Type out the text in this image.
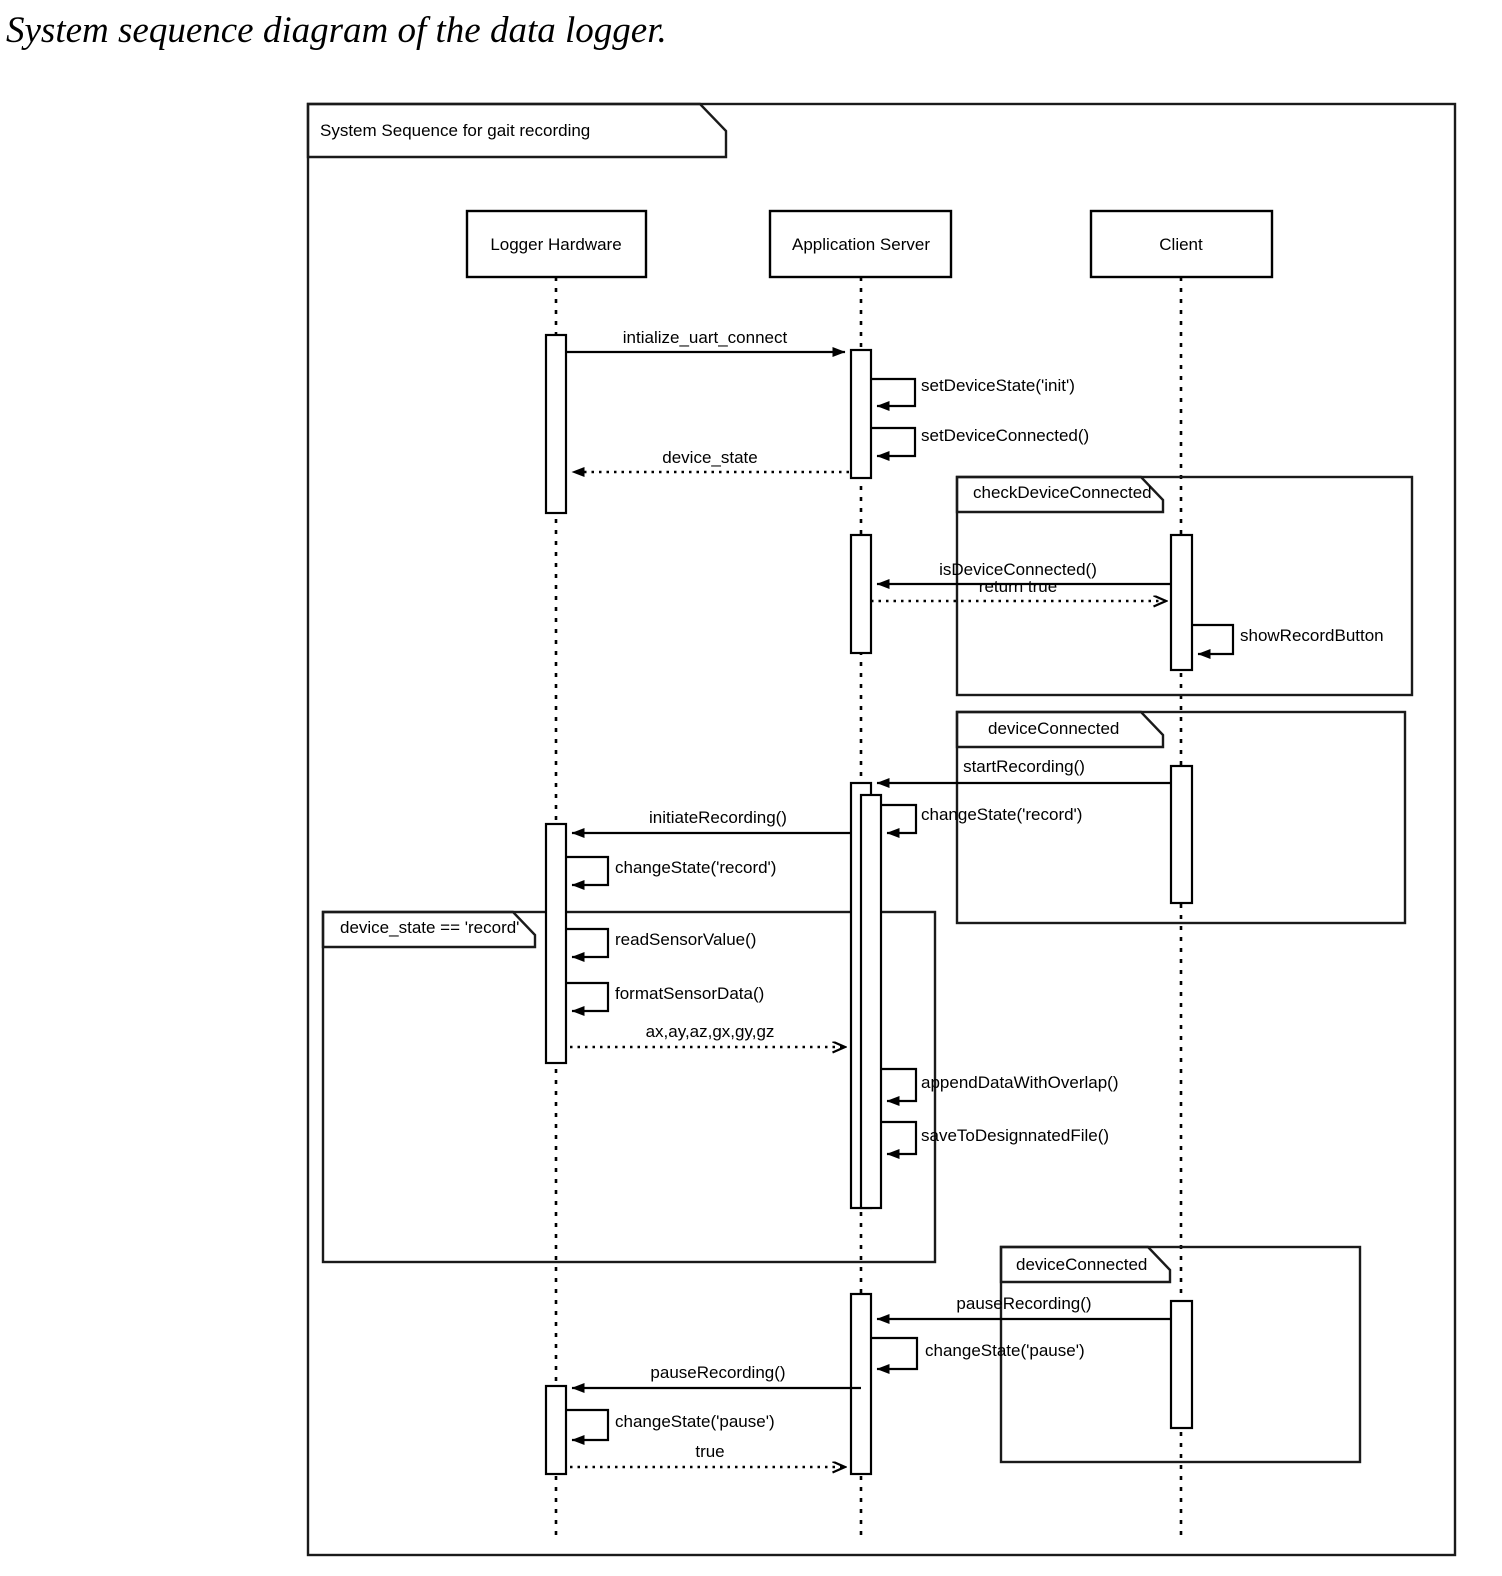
System sequence diagram of the data logger.
System Sequence for gait recording
Logger Hardware	Application Server	Client
checkDeviceConnected
deviceConnected
device_state == 'record'
deviceConnected
intialize_uart_connect
setDeviceState('init')
setDeviceConnected()
device_state
isDeviceConnected()
return true
showRecordButton
startRecording()
changeState('record')
initiateRecording()
changeState('record')
readSensorValue()
formatSensorData()
ax,ay,az,gx,gy,gz
appendDataWithOverlap()
saveToDesignnatedFile()
pauseRecording()
changeState('pause')
pauseRecording()
changeState('pause')
true
